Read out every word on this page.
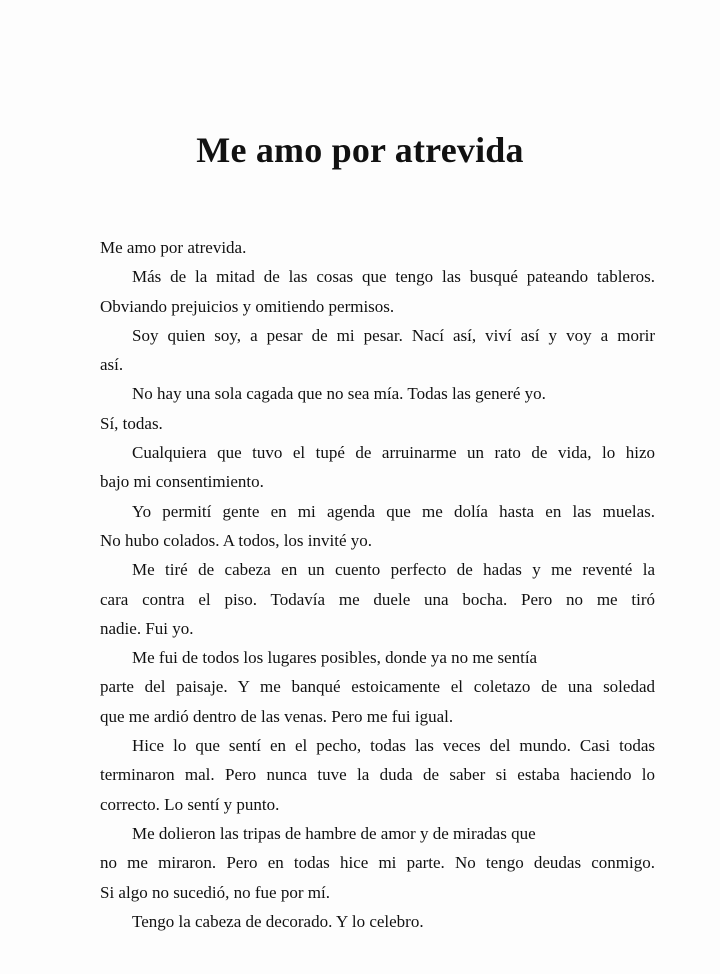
Me amo por atrevida
Me amo por atrevida.
Más de la mitad de las cosas que tengo las busqué pateando tableros.
Obviando prejuicios y omitiendo permisos.
Soy quien soy, a pesar de mi pesar. Nací así, viví así y voy a morir
así.
No hay una sola cagada que no sea mía. Todas las generé yo.
Sí, todas.
Cualquiera que tuvo el tupé de arruinarme un rato de vida, lo hizo
bajo mi consentimiento.
Yo permití gente en mi agenda que me dolía hasta en las muelas.
No hubo colados. A todos, los invité yo.
Me tiré de cabeza en un cuento perfecto de hadas y me reventé la
cara contra el piso. Todavía me duele una bocha. Pero no me tiró
nadie. Fui yo.
Me fui de todos los lugares posibles, donde ya no me sentía
parte del paisaje. Y me banqué estoicamente el coletazo de una soledad
que me ardió dentro de las venas. Pero me fui igual.
Hice lo que sentí en el pecho, todas las veces del mundo. Casi todas
terminaron mal. Pero nunca tuve la duda de saber si estaba haciendo lo
correcto. Lo sentí y punto.
Me dolieron las tripas de hambre de amor y de miradas que
no me miraron. Pero en todas hice mi parte. No tengo deudas conmigo.
Si algo no sucedió, no fue por mí.
Tengo la cabeza de decorado. Y lo celebro.
